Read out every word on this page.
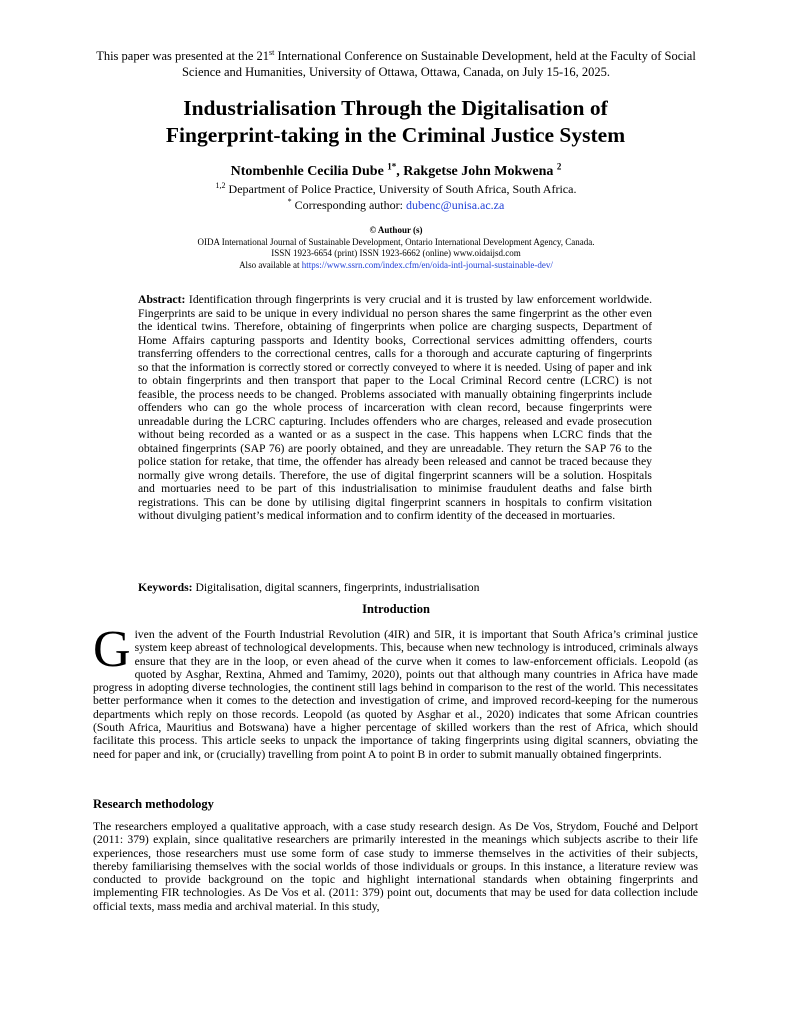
This paper was presented at the 21st International Conference on Sustainable Development, held at the Faculty of Social Science and Humanities, University of Ottawa, Ottawa, Canada, on July 15-16, 2025.
Industrialisation Through the Digitalisation of
Fingerprint-taking in the Criminal Justice System
Ntombenhle Cecilia Dube $^{1*}$, Rakgetse John Mokwena $^2$
$^{1,2}$ Department of Police Practice, University of South Africa, South Africa.
* Corresponding author: dubenc@unisa.ac.za
© Authour (s)
OIDA International Journal of Sustainable Development, Ontario International Development Agency, Canada.
ISSN 1923-6654 (print) ISSN 1923-6662 (online) www.oidaijsd.com
Also available at https://www.ssrn.com/index.cfm/en/oida-intl-journal-sustainable-dev/

Abstract: Identification through fingerprints is very crucial and it is trusted by law enforcement worldwide. Fingerprints are said to be unique in every individual no person shares the same fingerprint as the other even the identical twins. Therefore, obtaining of fingerprints when police are charging suspects, Department of Home Affairs capturing passports and Identity books, Correctional services admitting offenders, courts transferring offenders to the correctional centres, calls for a thorough and accurate capturing of fingerprints so that the information is correctly stored or correctly conveyed to where it is needed. Using of paper and ink to obtain fingerprints and then transport that paper to the Local Criminal Record centre (LCRC) is not feasible, the process needs to be changed. Problems associated with manually obtaining fingerprints include offenders who can go the whole process of incarceration with clean record, because fingerprints were unreadable during the LCRC capturing. Includes offenders who are charges, released and evade prosecution without being recorded as a wanted or as a suspect in the case. This happens when LCRC finds that the obtained fingerprints (SAP 76) are poorly obtained, and they are unreadable. They return the SAP 76 to the police station for retake, that time, the offender has already been released and cannot be traced because they normally give wrong details. Therefore, the use of digital fingerprint scanners will be a solution. Hospitals and mortuaries need to be part of this industrialisation to minimise fraudulent deaths and false birth registrations. This can be done by utilising digital fingerprint scanners in hospitals to confirm visitation without divulging patient’s medical information and to confirm identity of the deceased in mortuaries.

Keywords: Digitalisation, digital scanners, fingerprints, industrialisation
Introduction

Given the advent of the Fourth Industrial Revolution (4IR) and 5IR, it is important that South Africa’s criminal justice system keep abreast of technological developments. This, because when new technology is introduced, criminals always ensure that they are in the loop, or even ahead of the curve when it comes to law-enforcement officials. Leopold (as quoted by Asghar, Rextina, Ahmed and Tamimy, 2020), points out that although many countries in Africa have made progress in adopting diverse technologies, the continent still lags behind in comparison to the rest of the world. This necessitates better performance when it comes to the detection and investigation of crime, and improved record-keeping for the numerous departments which reply on those records. Leopold (as quoted by Asghar et al., 2020) indicates that some African countries (South Africa, Mauritius and Botswana) have a higher percentage of skilled workers than the rest of Africa, which should facilitate this process. This article seeks to unpack the importance of taking fingerprints using digital scanners, obviating the need for paper and ink, or (crucially) travelling from point A to point B in order to submit manually obtained fingerprints.

Research methodology

The researchers employed a qualitative approach, with a case study research design. As De Vos, Strydom, Fouché and Delport (2011: 379) explain, since qualitative researchers are primarily interested in the meanings which subjects ascribe to their life experiences, those researchers must use some form of case study to immerse themselves in the activities of their subjects, thereby familiarising themselves with the social worlds of those individuals or groups. In this instance, a literature review was conducted to provide background on the topic and highlight international standards when obtaining fingerprints and implementing FIR technologies. As De Vos et al. (2011: 379) point out, documents that may be used for data collection include official texts, mass media and archival material. In this study,
